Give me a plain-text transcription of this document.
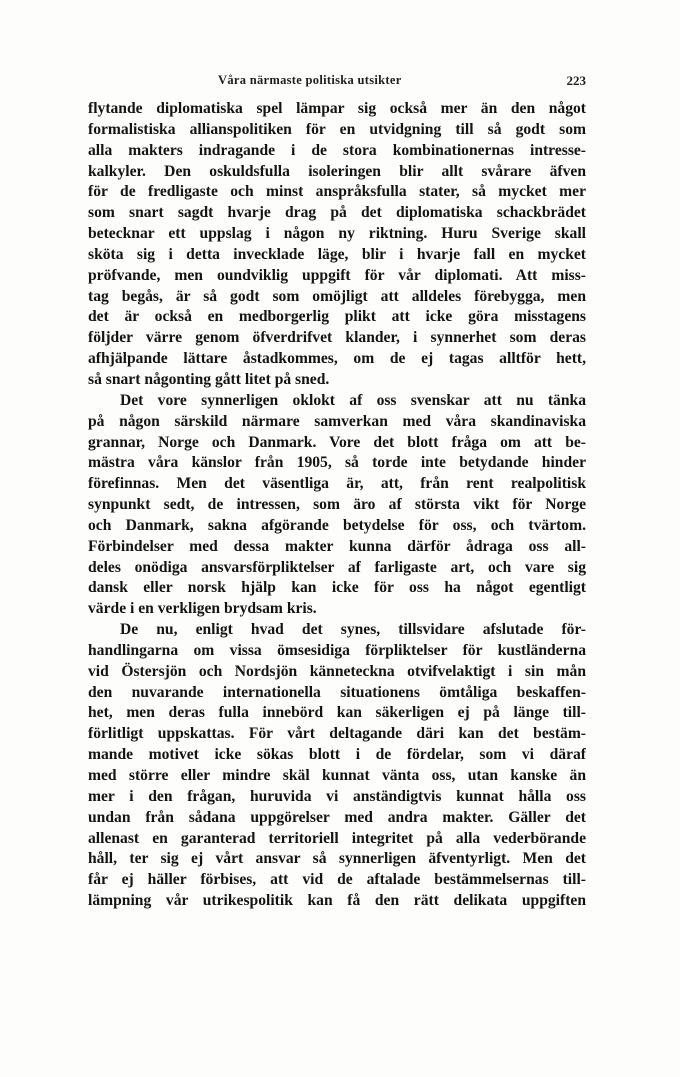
Våra närmaste politiska utsikter	223
flytande diplomatiska spel lämpar sig också mer än den något
formalistiska allianspolitiken för en utvidgning till så godt som
alla makters indragande i de stora kombinationernas intresse-
kalkyler. Den oskuldsfulla isoleringen blir allt svårare äfven
för de fredligaste och minst anspråksfulla stater, så mycket mer
som snart sagdt hvarje drag på det diplomatiska schackbrädet
betecknar ett uppslag i någon ny riktning. Huru Sverige skall
sköta sig i detta invecklade läge, blir i hvarje fall en mycket
pröfvande, men oundviklig uppgift för vår diplomati. Att miss-
tag begås, är så godt som omöjligt att alldeles förebygga, men
det är också en medborgerlig plikt att icke göra misstagens
följder värre genom öfverdrifvet klander, i synnerhet som deras
afhjälpande lättare åstadkommes, om de ej tagas alltför hett,
så snart någonting gått litet på sned.
Det vore synnerligen oklokt af oss svenskar att nu tänka
på någon särskild närmare samverkan med våra skandinaviska
grannar, Norge och Danmark. Vore det blott fråga om att be-
mästra våra känslor från 1905, så torde inte betydande hinder
förefinnas. Men det väsentliga är, att, från rent realpolitisk
synpunkt sedt, de intressen, som äro af största vikt för Norge
och Danmark, sakna afgörande betydelse för oss, och tvärtom.
Förbindelser med dessa makter kunna därför ådraga oss all-
deles onödiga ansvarsförpliktelser af farligaste art, och vare sig
dansk eller norsk hjälp kan icke för oss ha något egentligt
värde i en verkligen brydsam kris.
De nu, enligt hvad det synes, tillsvidare afslutade för-
handlingarna om vissa ömsesidiga förpliktelser för kustländerna
vid Östersjön och Nordsjön känneteckna otvifvelaktigt i sin mån
den nuvarande internationella situationens ömtåliga beskaffen-
het, men deras fulla innebörd kan säkerligen ej på länge till-
förlitligt uppskattas. För vårt deltagande däri kan det bestäm-
mande motivet icke sökas blott i de fördelar, som vi däraf
med större eller mindre skäl kunnat vänta oss, utan kanske än
mer i den frågan, huruvida vi anständigtvis kunnat hålla oss
undan från sådana uppgörelser med andra makter. Gäller det
allenast en garanterad territoriell integritet på alla vederbörande
håll, ter sig ej vårt ansvar så synnerligen äfventyrligt. Men det
får ej häller förbises, att vid de aftalade bestämmelsernas till-
lämpning vår utrikespolitik kan få den rätt delikata uppgiften
